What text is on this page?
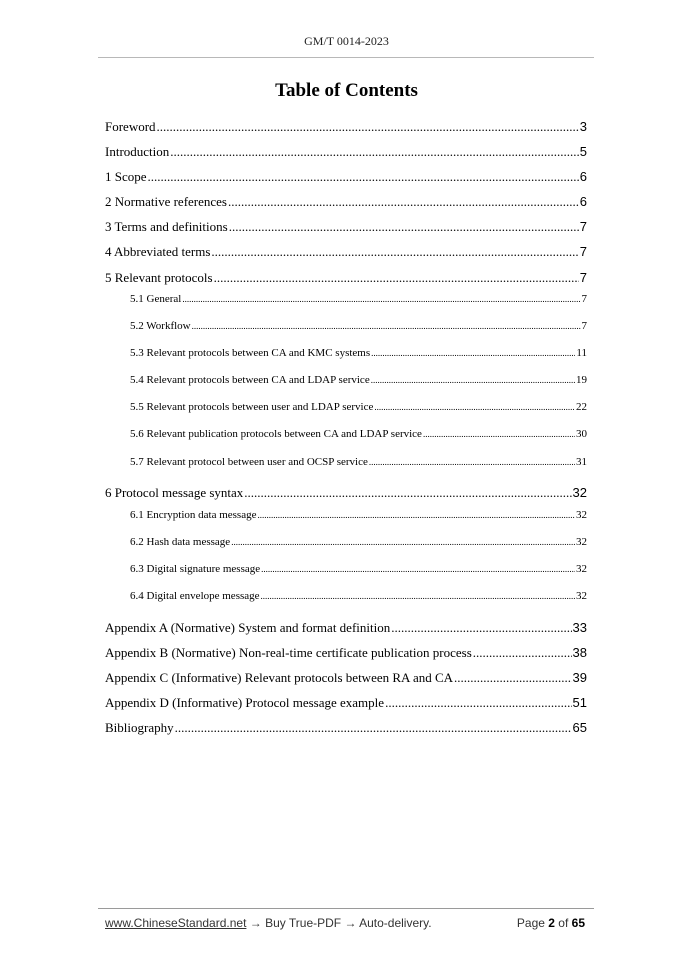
GM/T 0014-2023
Table of Contents
Foreword .....	3
Introduction .....	5
1 Scope .....	6
2 Normative references .....	6
3 Terms and definitions .....	7
4 Abbreviated terms .....	7
5 Relevant protocols .....	7
5.1 General .....	7
5.2 Workflow .....	7
5.3 Relevant protocols between CA and KMC systems .....	11
5.4 Relevant protocols between CA and LDAP service .....	19
5.5 Relevant protocols between user and LDAP service .....	22
5.6 Relevant publication protocols between CA and LDAP service .....	30
5.7 Relevant protocol between user and OCSP service .....	31
6 Protocol message syntax .....	32
6.1 Encryption data message .....	32
6.2 Hash data message .....	32
6.3 Digital signature message .....	32
6.4 Digital envelope message .....	32
Appendix A (Normative) System and format definition .....	33
Appendix B (Normative) Non-real-time certificate publication process .....	38
Appendix C (Informative) Relevant protocols between RA and CA .....	39
Appendix D (Informative) Protocol message example .....	51
Bibliography .....	65
www.ChineseStandard.net → Buy True-PDF → Auto-delivery.	Page 2 of 65
